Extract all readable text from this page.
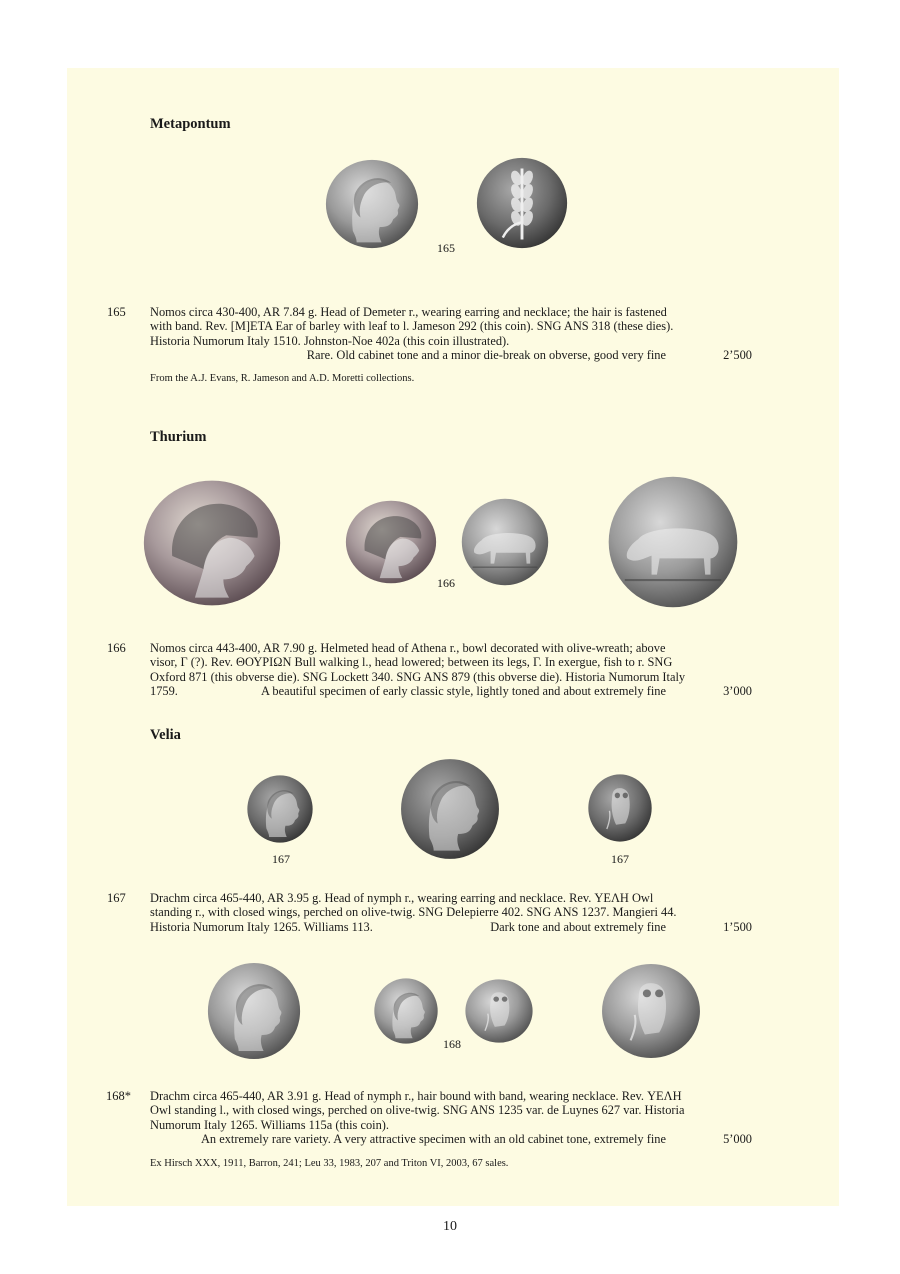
Metapontum
165
165	Nomos circa 430-400, AR 7.84 g. Head of Demeter r., wearing earring and necklace; the hair is fastened

with band. Rev. [M]ETA Ear of barley with leaf to l. Jameson 292 (this coin). SNG ANS 318 (these dies).

Historia Numorum Italy 1510. Johnston-Noe 402a (this coin illustrated).

Rare. Old cabinet tone and a minor die-break on obverse, good very fine	2’500
From the A.J. Evans, R. Jameson and A.D. Moretti collections.
Thurium
166
166	Nomos circa 443-400, AR 7.90 g. Helmeted head of Athena r., bowl decorated with olive-wreath; above

visor, Γ (?). Rev. ΘΟΥΡΙΩΝ Bull walking l., head lowered; between its legs, Γ. In exergue, fish to r. SNG

Oxford 871 (this obverse die). SNG Lockett 340. SNG ANS 879 (this obverse die). Historia Numorum Italy

1759.	A beautiful specimen of early classic style, lightly toned and about extremely fine	3’000
Velia
167	167
167	Drachm circa 465-440, AR 3.95 g. Head of nymph r., wearing earring and necklace. Rev. ΥΕΛΗ Owl

standing r., with closed wings, perched on olive-twig. SNG Delepierre 402. SNG ANS 1237. Mangieri 44.

Historia Numorum Italy 1265. Williams 113.	Dark tone and about extremely fine	1’500
168
168*	Drachm circa 465-440, AR 3.91 g. Head of nymph r., hair bound with band, wearing necklace. Rev. ΥΕΛΗ

Owl standing l., with closed wings, perched on olive-twig. SNG ANS 1235 var. de Luynes 627 var. Historia

Numorum Italy 1265. Williams 115a (this coin).

An extremely rare variety. A very attractive specimen with an old cabinet tone, extremely fine	5’000
Ex Hirsch XXX, 1911, Barron, 241; Leu 33, 1983, 207 and Triton VI, 2003, 67 sales.
10
